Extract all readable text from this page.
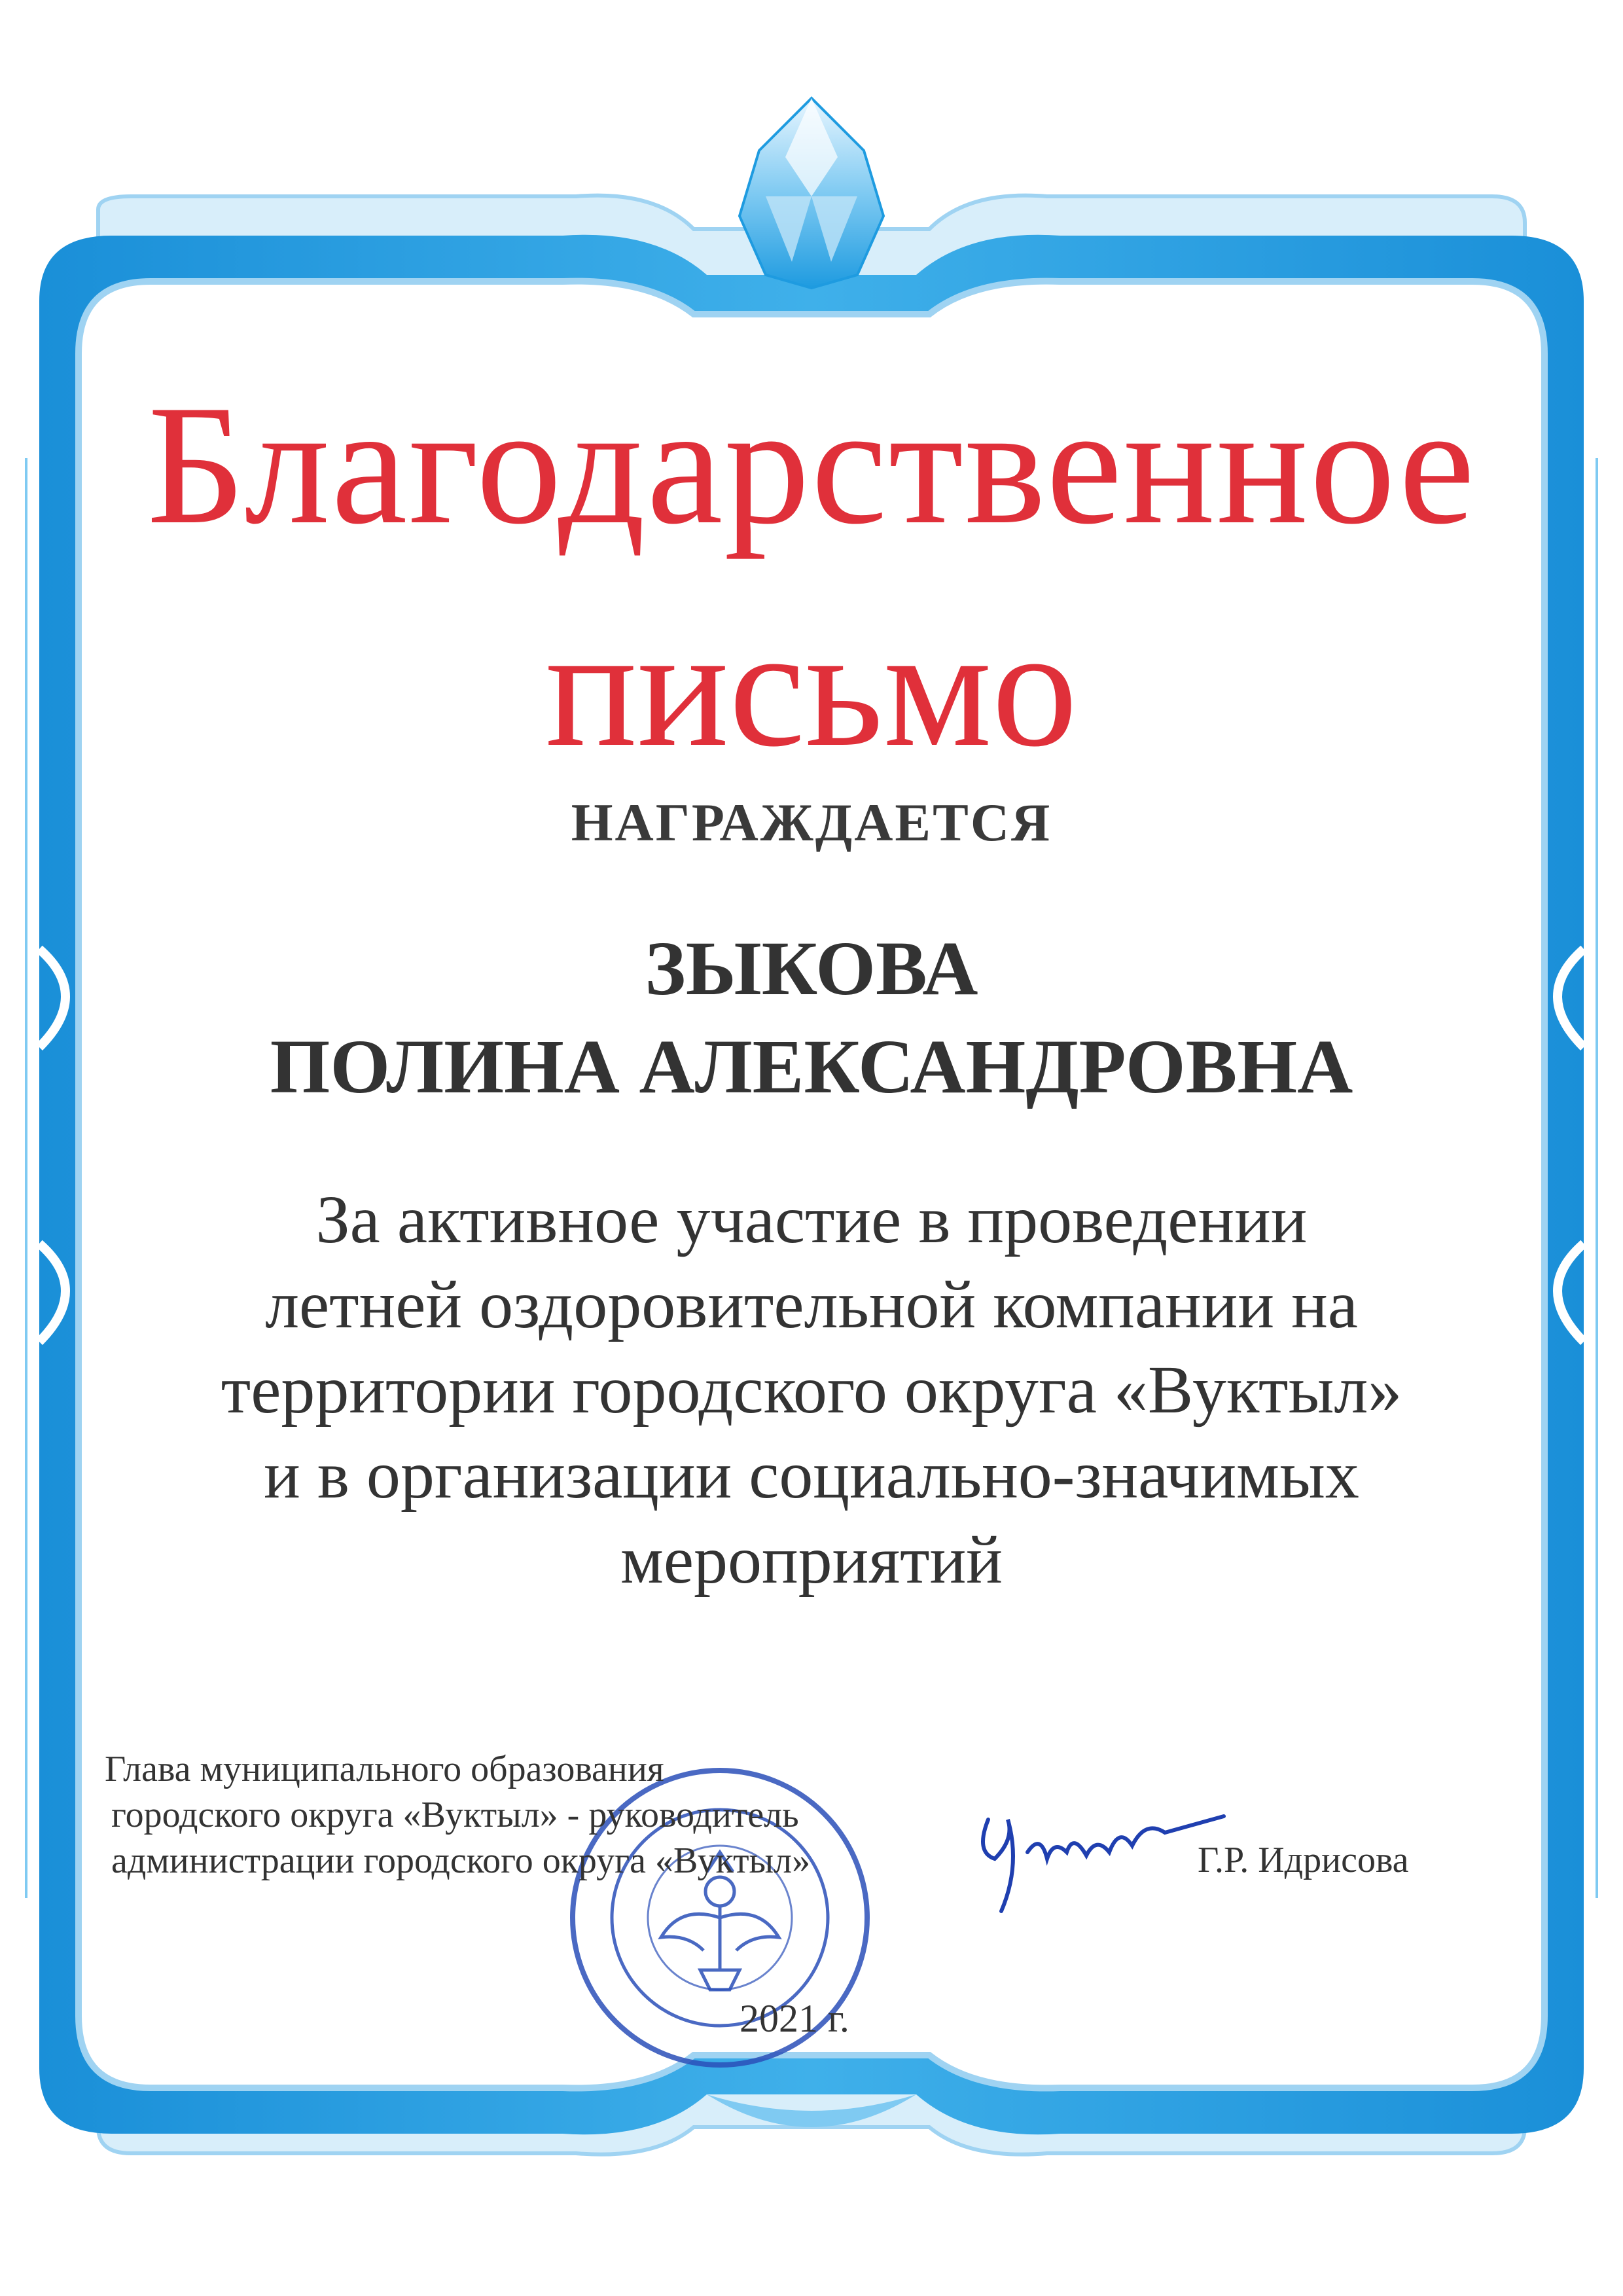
Благодарственное
письмо
НАГРАЖДАЕТСЯ
ЗЫКОВА
ПОЛИНА АЛЕКСАНДРОВНА
За активное участие в проведении
летней оздоровительной компании на
территории городского округа «Вуктыл»
и в организации социально-значимых
мероприятий
Глава муниципального образования
городского округа «Вуктыл» - руководитель
администрации городского округа «Вуктыл»	Г.Р. Идрисова
2021 г.
